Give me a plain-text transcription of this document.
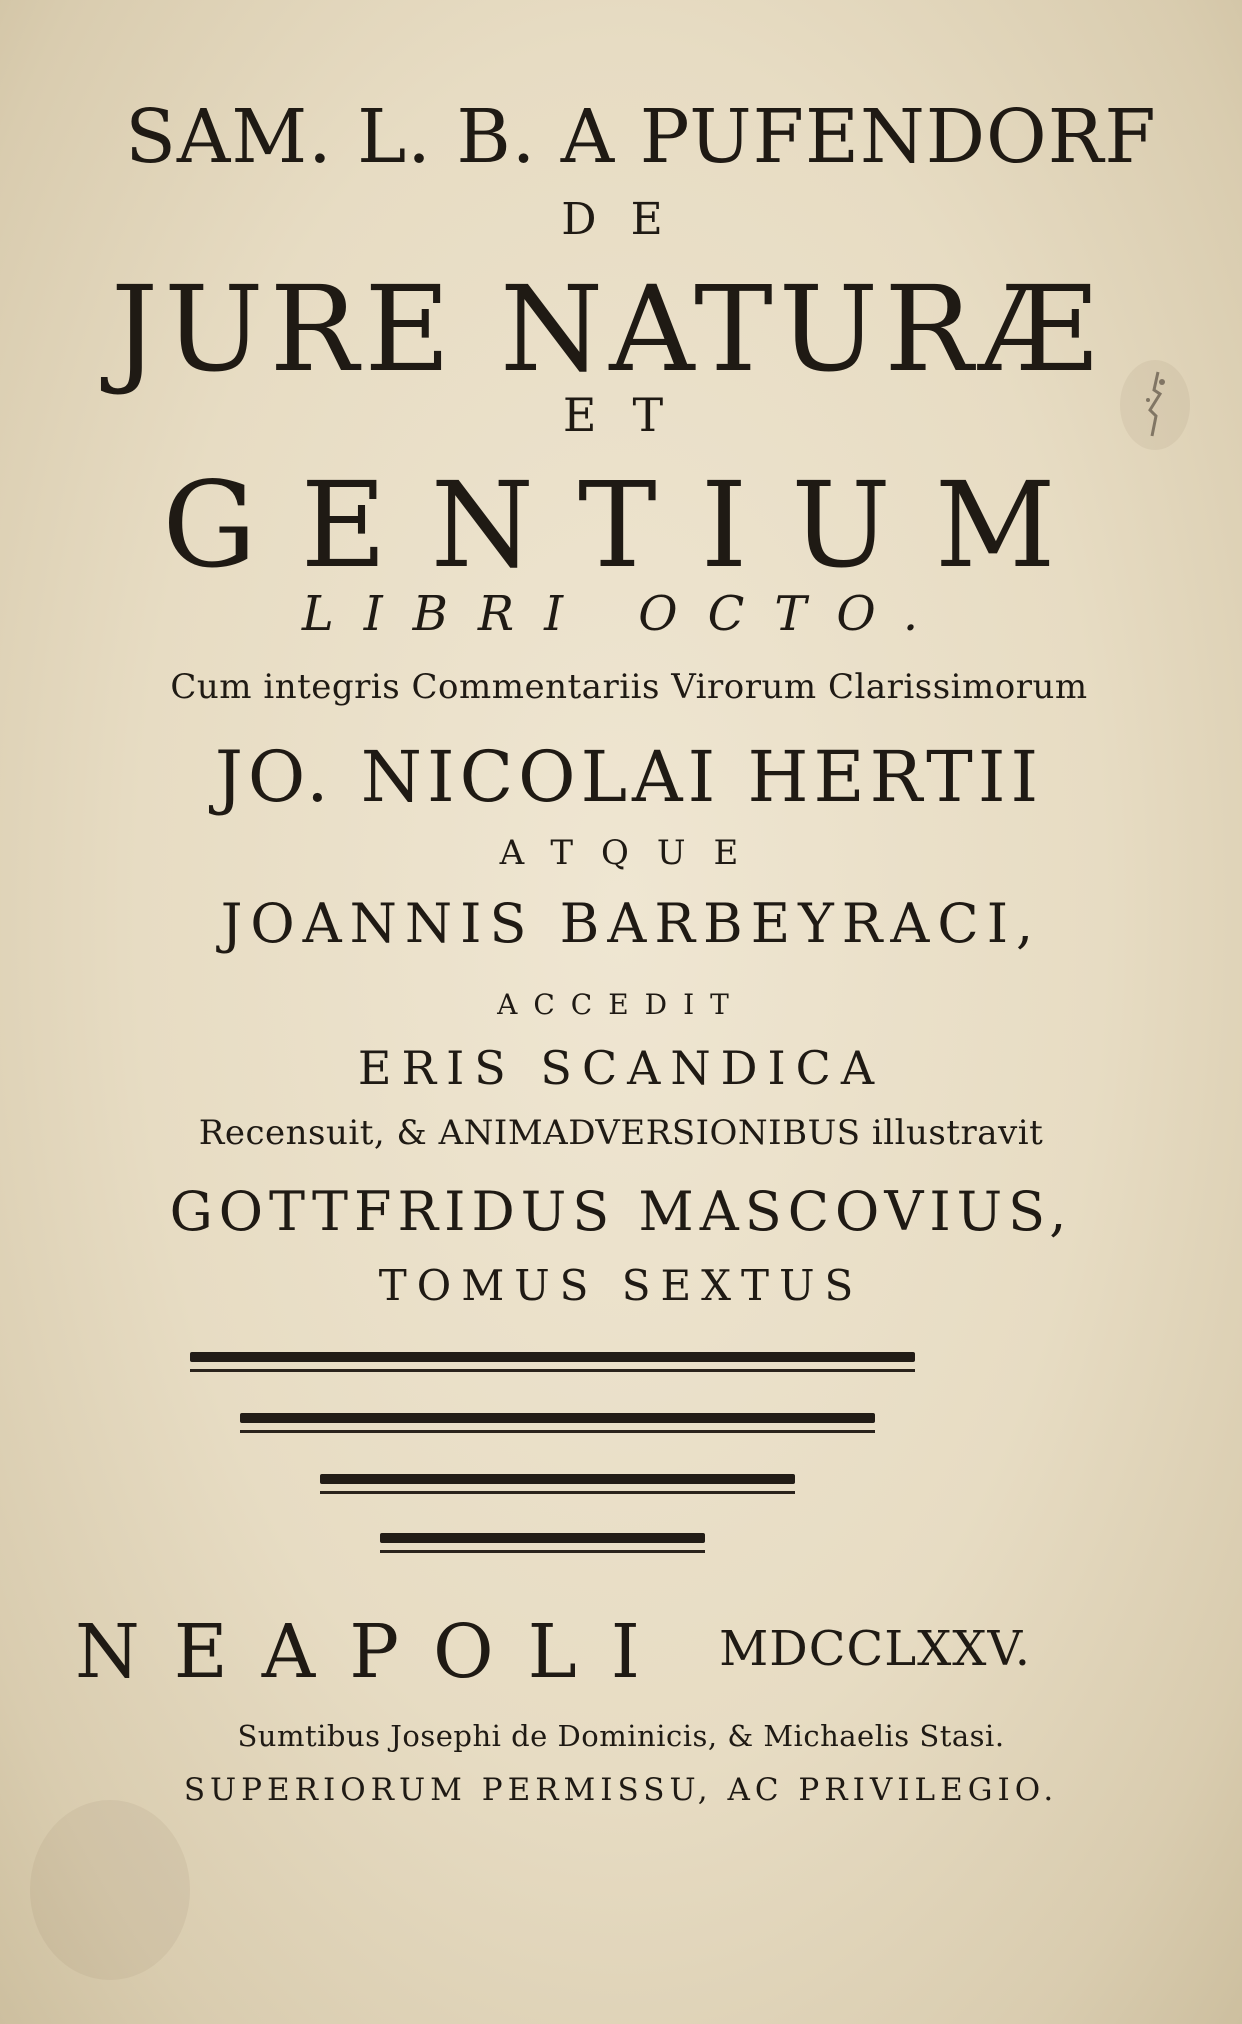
SAM. L. B. A PUFENDORF
DE
JURE NATURÆ
ET
GENTIUM
LIBRI OCTO.
Cum integris Commentariis Virorum Clarissimorum
JO. NICOLAI HERTII
ATQUE
JOANNIS BARBEYRACI,
ACCEDIT
ERIS SCANDICA
Recensuit, & ANIMADVERSIONIBUS illustravit
GOTTFRIDUS MASCOVIUS,
TOMUS SEXTUS
NEAPOLI MDCCLXXV.
Sumtibus Josephi de Dominicis, & Michaelis Stasi.
SUPERIORUM PERMISSU, AC PRIVILEGIO.
